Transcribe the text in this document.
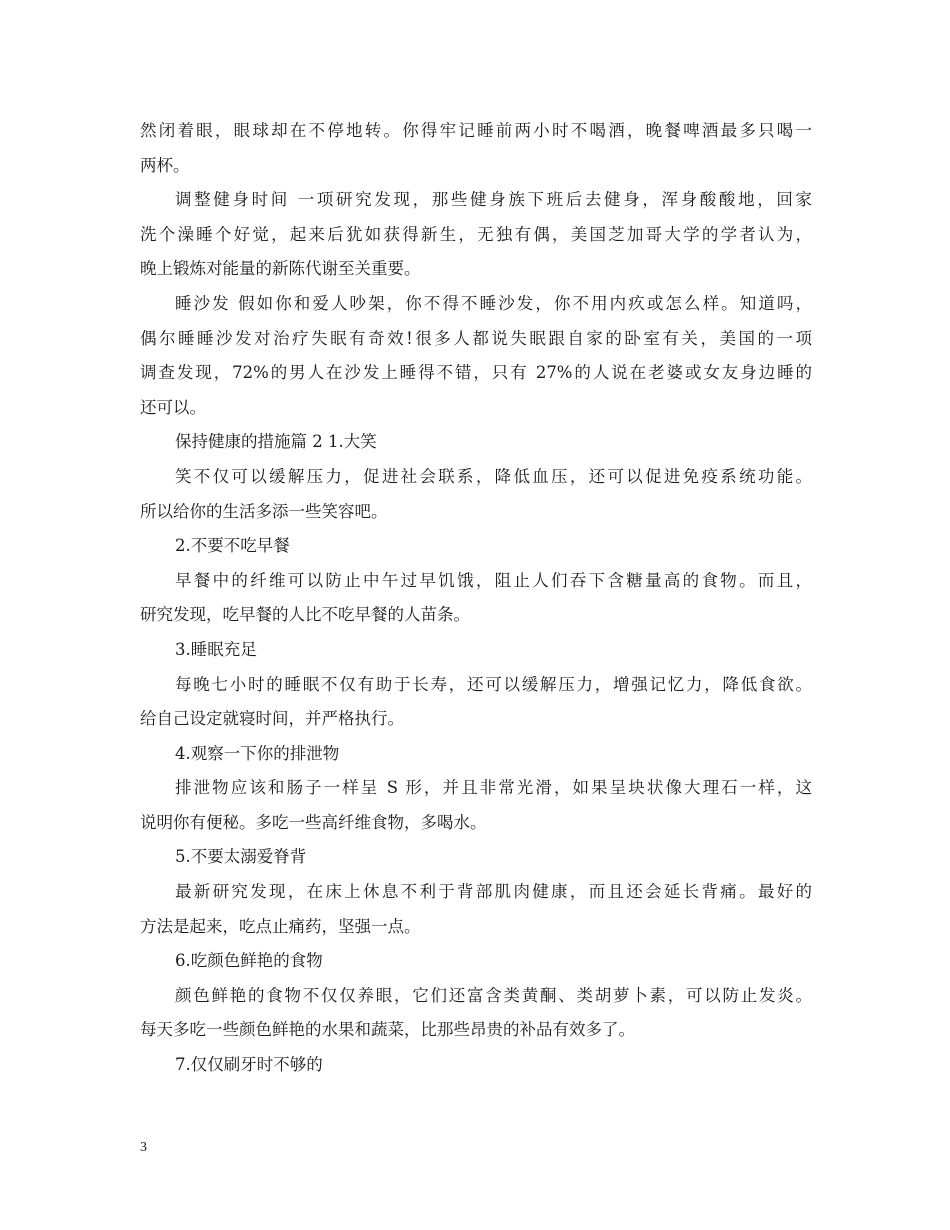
然闭着眼，眼球却在不停地转。你得牢记睡前两小时不喝酒，晚餐啤酒最多只喝一
两杯。
调整健身时间 一项研究发现，那些健身族下班后去健身，浑身酸酸地，回家
洗个澡睡个好觉，起来后犹如获得新生，无独有偶，美国芝加哥大学的学者认为，
晚上锻炼对能量的新陈代谢至关重要。
睡沙发 假如你和爱人吵架，你不得不睡沙发，你不用内疚或怎么样。知道吗，
偶尔睡睡沙发对治疗失眠有奇效!很多人都说失眠跟自家的卧室有关，美国的一项
调查发现，72%的男人在沙发上睡得不错，只有 27%的人说在老婆或女友身边睡的
还可以。
保持健康的措施篇 2 1.大笑
笑不仅可以缓解压力，促进社会联系，降低血压，还可以促进免疫系统功能。
所以给你的生活多添一些笑容吧。
2.不要不吃早餐
早餐中的纤维可以防止中午过早饥饿，阻止人们吞下含糖量高的食物。而且，
研究发现，吃早餐的人比不吃早餐的人苗条。
3.睡眠充足
每晚七小时的睡眠不仅有助于长寿，还可以缓解压力，增强记忆力，降低食欲。
给自己设定就寝时间，并严格执行。
4.观察一下你的排泄物
排泄物应该和肠子一样呈 S 形，并且非常光滑，如果呈块状像大理石一样，这
说明你有便秘。多吃一些高纤维食物，多喝水。
5.不要太溺爱脊背
最新研究发现，在床上休息不利于背部肌肉健康，而且还会延长背痛。最好的
方法是起来，吃点止痛药，坚强一点。
6.吃颜色鲜艳的食物
颜色鲜艳的食物不仅仅养眼，它们还富含类黄酮、类胡萝卜素，可以防止发炎。
每天多吃一些颜色鲜艳的水果和蔬菜，比那些昂贵的补品有效多了。
7.仅仅刷牙时不够的
3
